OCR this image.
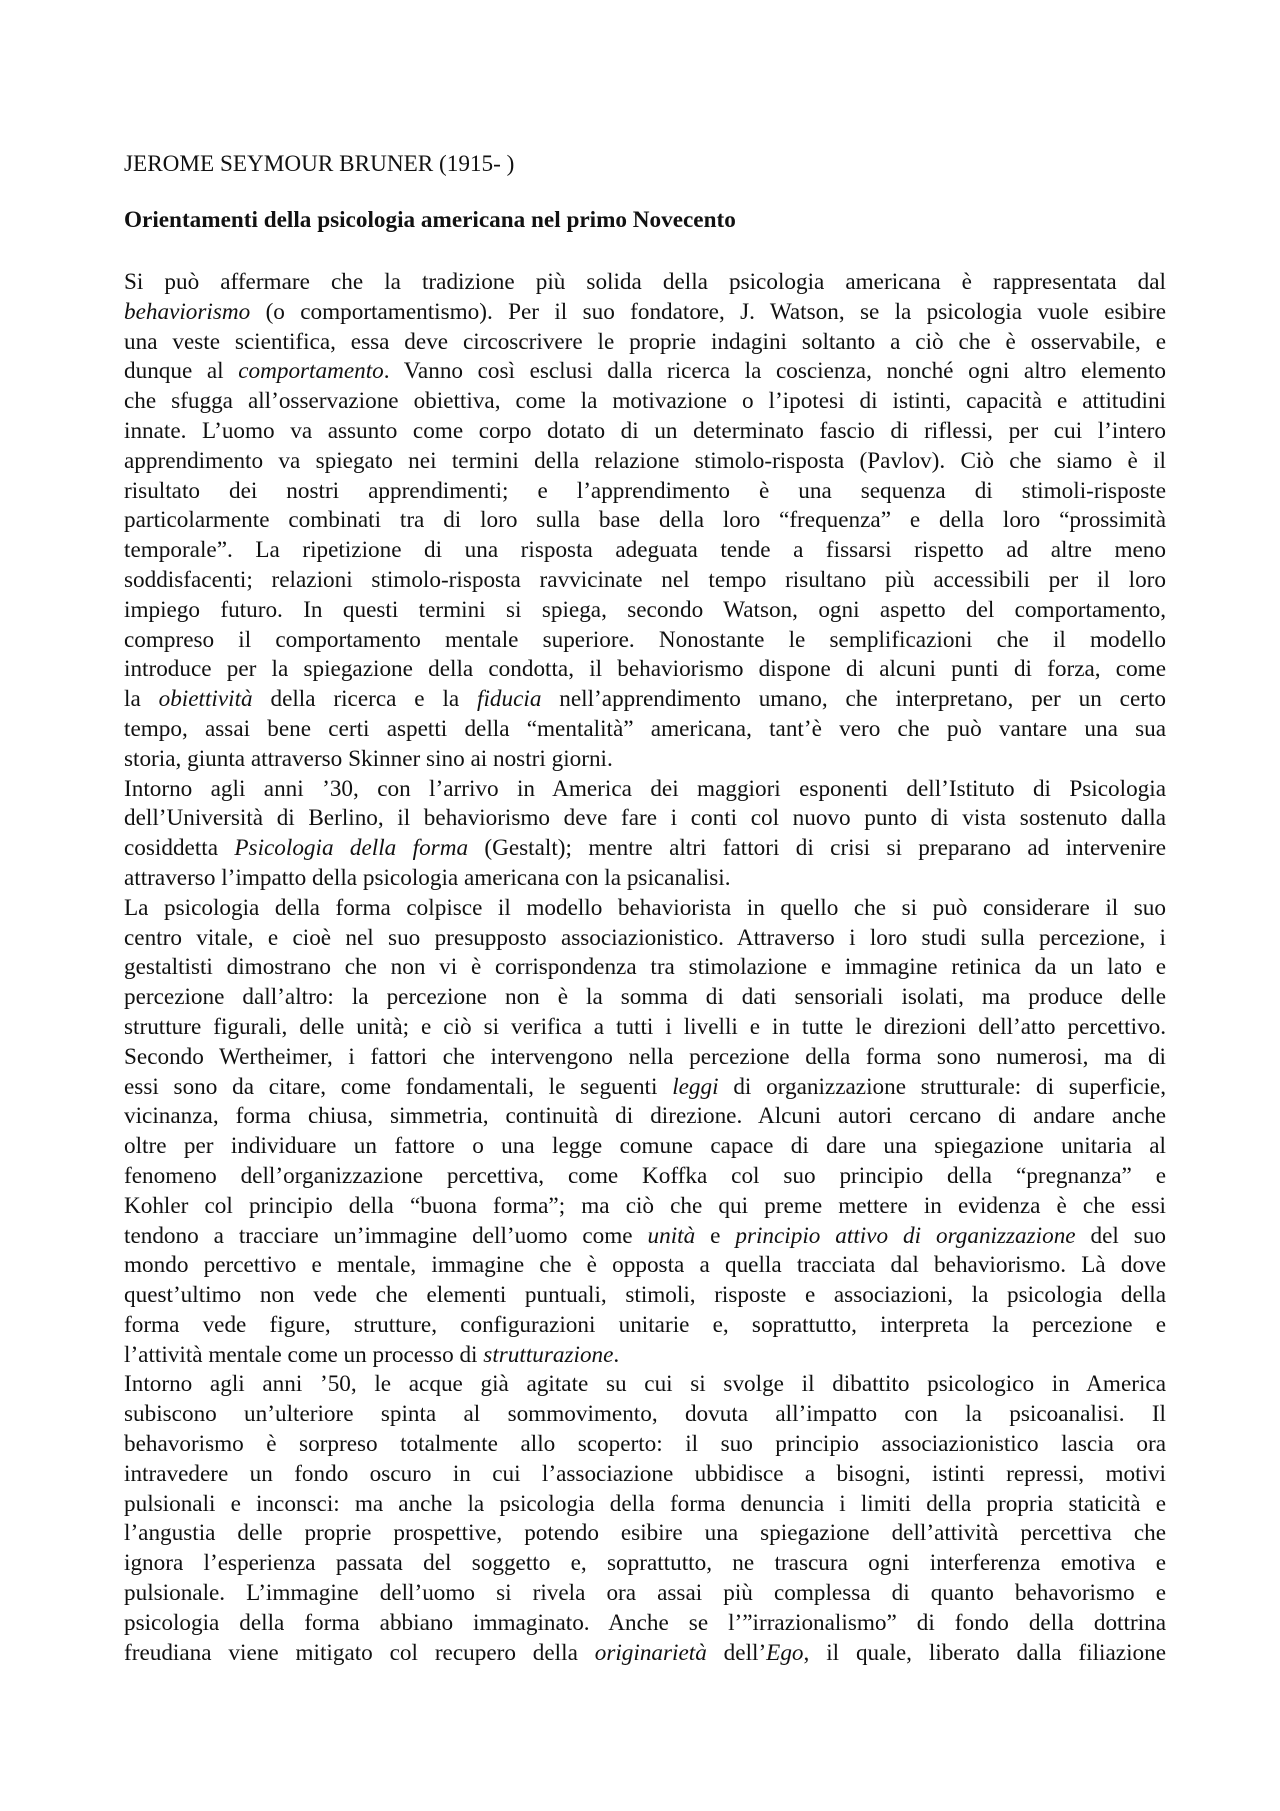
JEROME SEYMOUR BRUNER (1915- )
Orientamenti della psicologia americana nel primo Novecento
Si può affermare che la tradizione più solida della psicologia americana è rappresentata dal
behaviorismo (o comportamentismo). Per il suo fondatore, J. Watson, se la psicologia vuole esibire
una veste scientifica, essa deve circoscrivere le proprie indagini soltanto a ciò che è osservabile, e
dunque al comportamento. Vanno così esclusi dalla ricerca la coscienza, nonché ogni altro elemento
che sfugga all’osservazione obiettiva, come la motivazione o l’ipotesi di istinti, capacità e attitudini
innate. L’uomo va assunto come corpo dotato di un determinato fascio di riflessi, per cui l’intero
apprendimento va spiegato nei termini della relazione stimolo-risposta (Pavlov). Ciò che siamo è il
risultato dei nostri apprendimenti; e l’apprendimento è una sequenza di stimoli-risposte
particolarmente combinati tra di loro sulla base della loro “frequenza” e della loro “prossimità
temporale”. La ripetizione di una risposta adeguata tende a fissarsi rispetto ad altre meno
soddisfacenti; relazioni stimolo-risposta ravvicinate nel tempo risultano più accessibili per il loro
impiego futuro. In questi termini si spiega, secondo Watson, ogni aspetto del comportamento,
compreso il comportamento mentale superiore. Nonostante le semplificazioni che il modello
introduce per la spiegazione della condotta, il behaviorismo dispone di alcuni punti di forza, come
la obiettività della ricerca e la fiducia nell’apprendimento umano, che interpretano, per un certo
tempo, assai bene certi aspetti della “mentalità” americana, tant’è vero che può vantare una sua
storia, giunta attraverso Skinner sino ai nostri giorni.
Intorno agli anni ’30, con l’arrivo in America dei maggiori esponenti dell’Istituto di Psicologia
dell’Università di Berlino, il behaviorismo deve fare i conti col nuovo punto di vista sostenuto dalla
cosiddetta Psicologia della forma (Gestalt); mentre altri fattori di crisi si preparano ad intervenire
attraverso l’impatto della psicologia americana con la psicanalisi.
La psicologia della forma colpisce il modello behaviorista in quello che si può considerare il suo
centro vitale, e cioè nel suo presupposto associazionistico. Attraverso i loro studi sulla percezione, i
gestaltisti dimostrano che non vi è corrispondenza tra stimolazione e immagine retinica da un lato e
percezione dall’altro: la percezione non è la somma di dati sensoriali isolati, ma produce delle
strutture figurali, delle unità; e ciò si verifica a tutti i livelli e in tutte le direzioni dell’atto percettivo.
Secondo Wertheimer, i fattori che intervengono nella percezione della forma sono numerosi, ma di
essi sono da citare, come fondamentali, le seguenti leggi di organizzazione strutturale: di superficie,
vicinanza, forma chiusa, simmetria, continuità di direzione. Alcuni autori cercano di andare anche
oltre per individuare un fattore o una legge comune capace di dare una spiegazione unitaria al
fenomeno dell’organizzazione percettiva, come Koffka col suo principio della “pregnanza” e
Kohler col principio della “buona forma”; ma ciò che qui preme mettere in evidenza è che essi
tendono a tracciare un’immagine dell’uomo come unità e principio attivo di organizzazione del suo
mondo percettivo e mentale, immagine che è opposta a quella tracciata dal behaviorismo. Là dove
quest’ultimo non vede che elementi puntuali, stimoli, risposte e associazioni, la psicologia della
forma vede figure, strutture, configurazioni unitarie e, soprattutto, interpreta la percezione e
l’attività mentale come un processo di strutturazione.
Intorno agli anni ’50, le acque già agitate su cui si svolge il dibattito psicologico in America
subiscono un’ulteriore spinta al sommovimento, dovuta all’impatto con la psicoanalisi. Il
behavorismo è sorpreso totalmente allo scoperto: il suo principio associazionistico lascia ora
intravedere un fondo oscuro in cui l’associazione ubbidisce a bisogni, istinti repressi, motivi
pulsionali e inconsci: ma anche la psicologia della forma denuncia i limiti della propria staticità e
l’angustia delle proprie prospettive, potendo esibire una spiegazione dell’attività percettiva che
ignora l’esperienza passata del soggetto e, soprattutto, ne trascura ogni interferenza emotiva e
pulsionale. L’immagine dell’uomo si rivela ora assai più complessa di quanto behavorismo e
psicologia della forma abbiano immaginato. Anche se l’”irrazionalismo” di fondo della dottrina
freudiana viene mitigato col recupero della originarietà dell’Ego, il quale, liberato dalla filiazione
